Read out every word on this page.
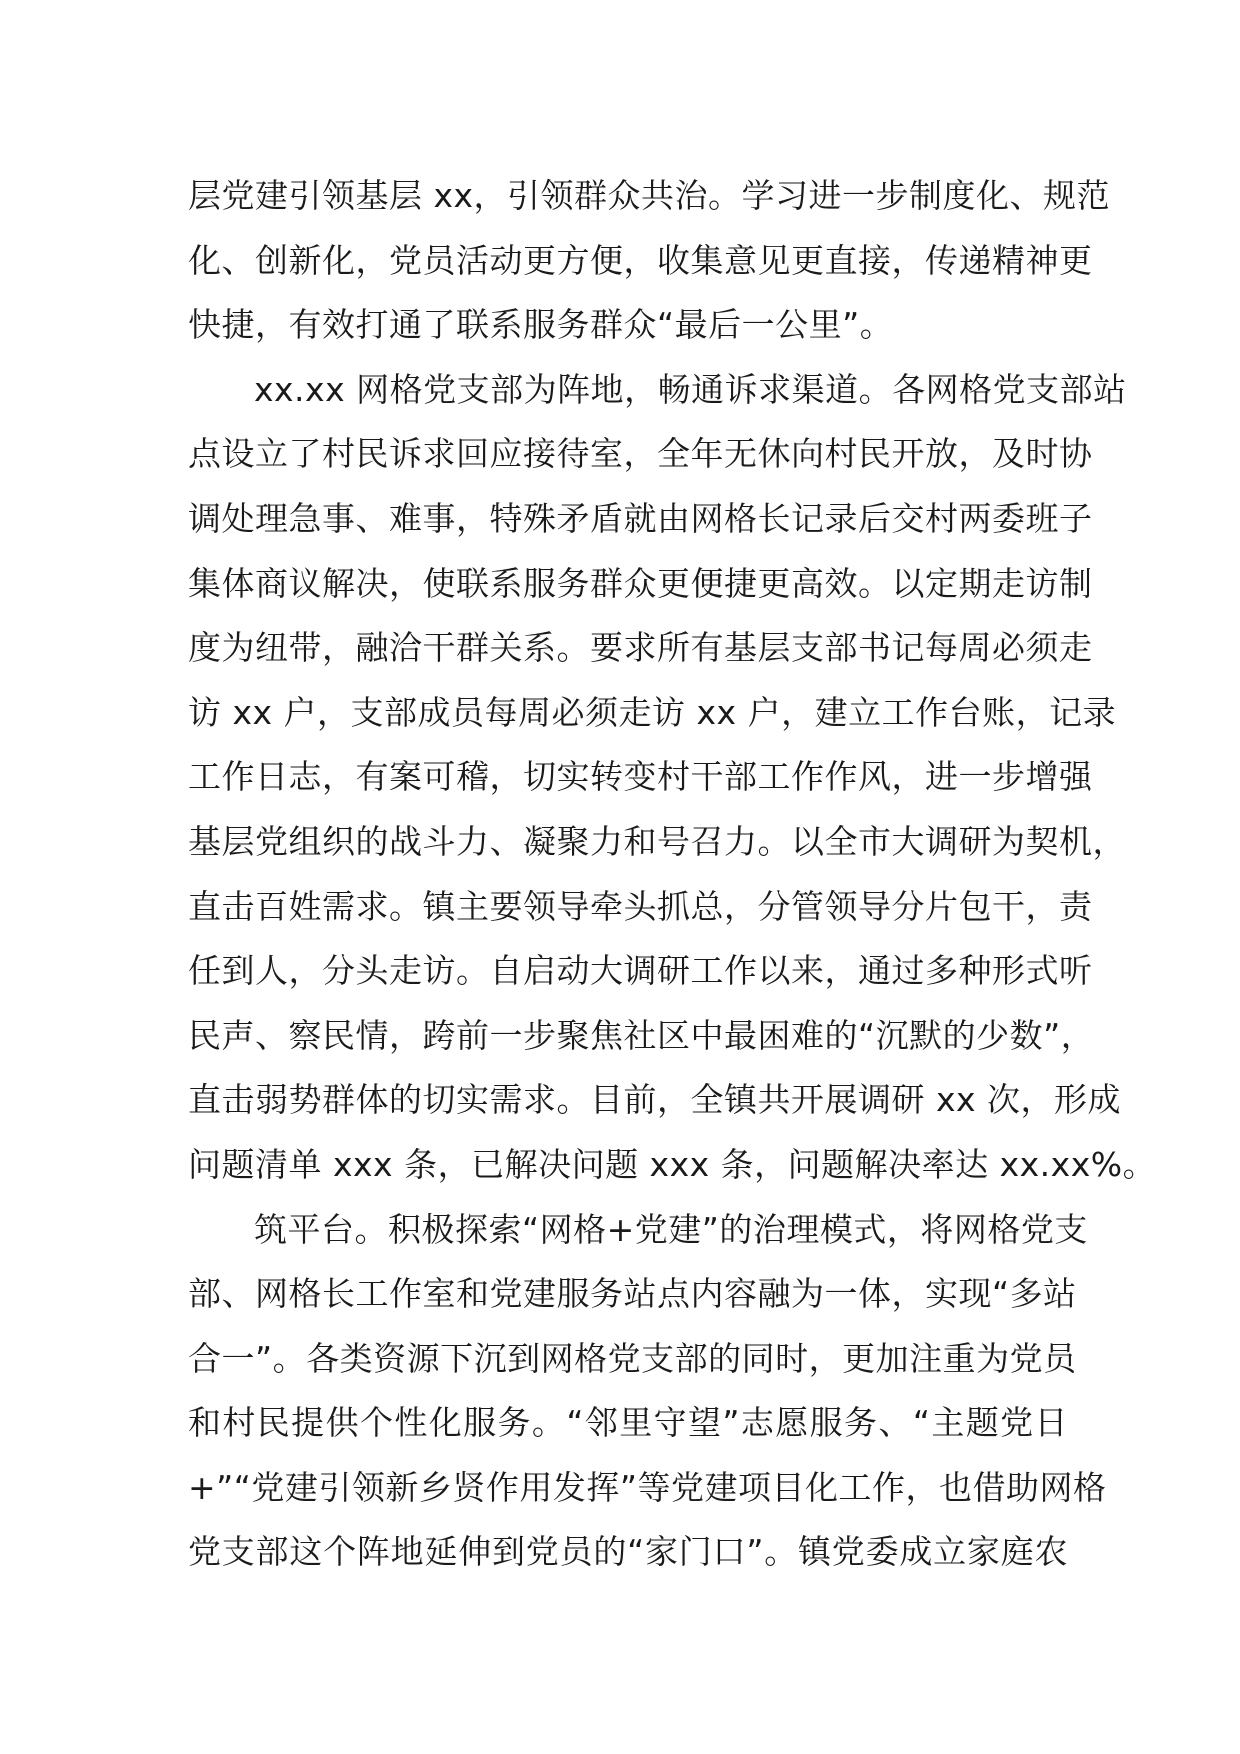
层党建引领基层 xx，引领群众共治。学习进一步制度化、规范
化、创新化，党员活动更方便，收集意见更直接，传递精神更
快捷，有效打通了联系服务群众“最后一公里”。
xx.xx 网格党支部为阵地，畅通诉求渠道。各网格党支部站
点设立了村民诉求回应接待室，全年无休向村民开放，及时协
调处理急事、难事，特殊矛盾就由网格长记录后交村两委班子
集体商议解决，使联系服务群众更便捷更高效。以定期走访制
度为纽带，融洽干群关系。要求所有基层支部书记每周必须走
访 xx 户，支部成员每周必须走访 xx 户，建立工作台账，记录
工作日志，有案可稽，切实转变村干部工作作风，进一步增强
基层党组织的战斗力、凝聚力和号召力。以全市大调研为契机，
直击百姓需求。镇主要领导牵头抓总，分管领导分片包干，责
任到人，分头走访。自启动大调研工作以来，通过多种形式听
民声、察民情，跨前一步聚焦社区中最困难的“沉默的少数”，
直击弱势群体的切实需求。目前，全镇共开展调研 xx 次，形成
问题清单 xxx 条，已解决问题 xxx 条，问题解决率达 xx.xx%。
筑平台。积极探索“网格+党建”的治理模式，将网格党支
部、网格长工作室和党建服务站点内容融为一体，实现“多站
合一”。各类资源下沉到网格党支部的同时，更加注重为党员
和村民提供个性化服务。“邻里守望”志愿服务、“主题党日
+”“党建引领新乡贤作用发挥”等党建项目化工作，也借助网格
党支部这个阵地延伸到党员的“家门口”。镇党委成立家庭农
